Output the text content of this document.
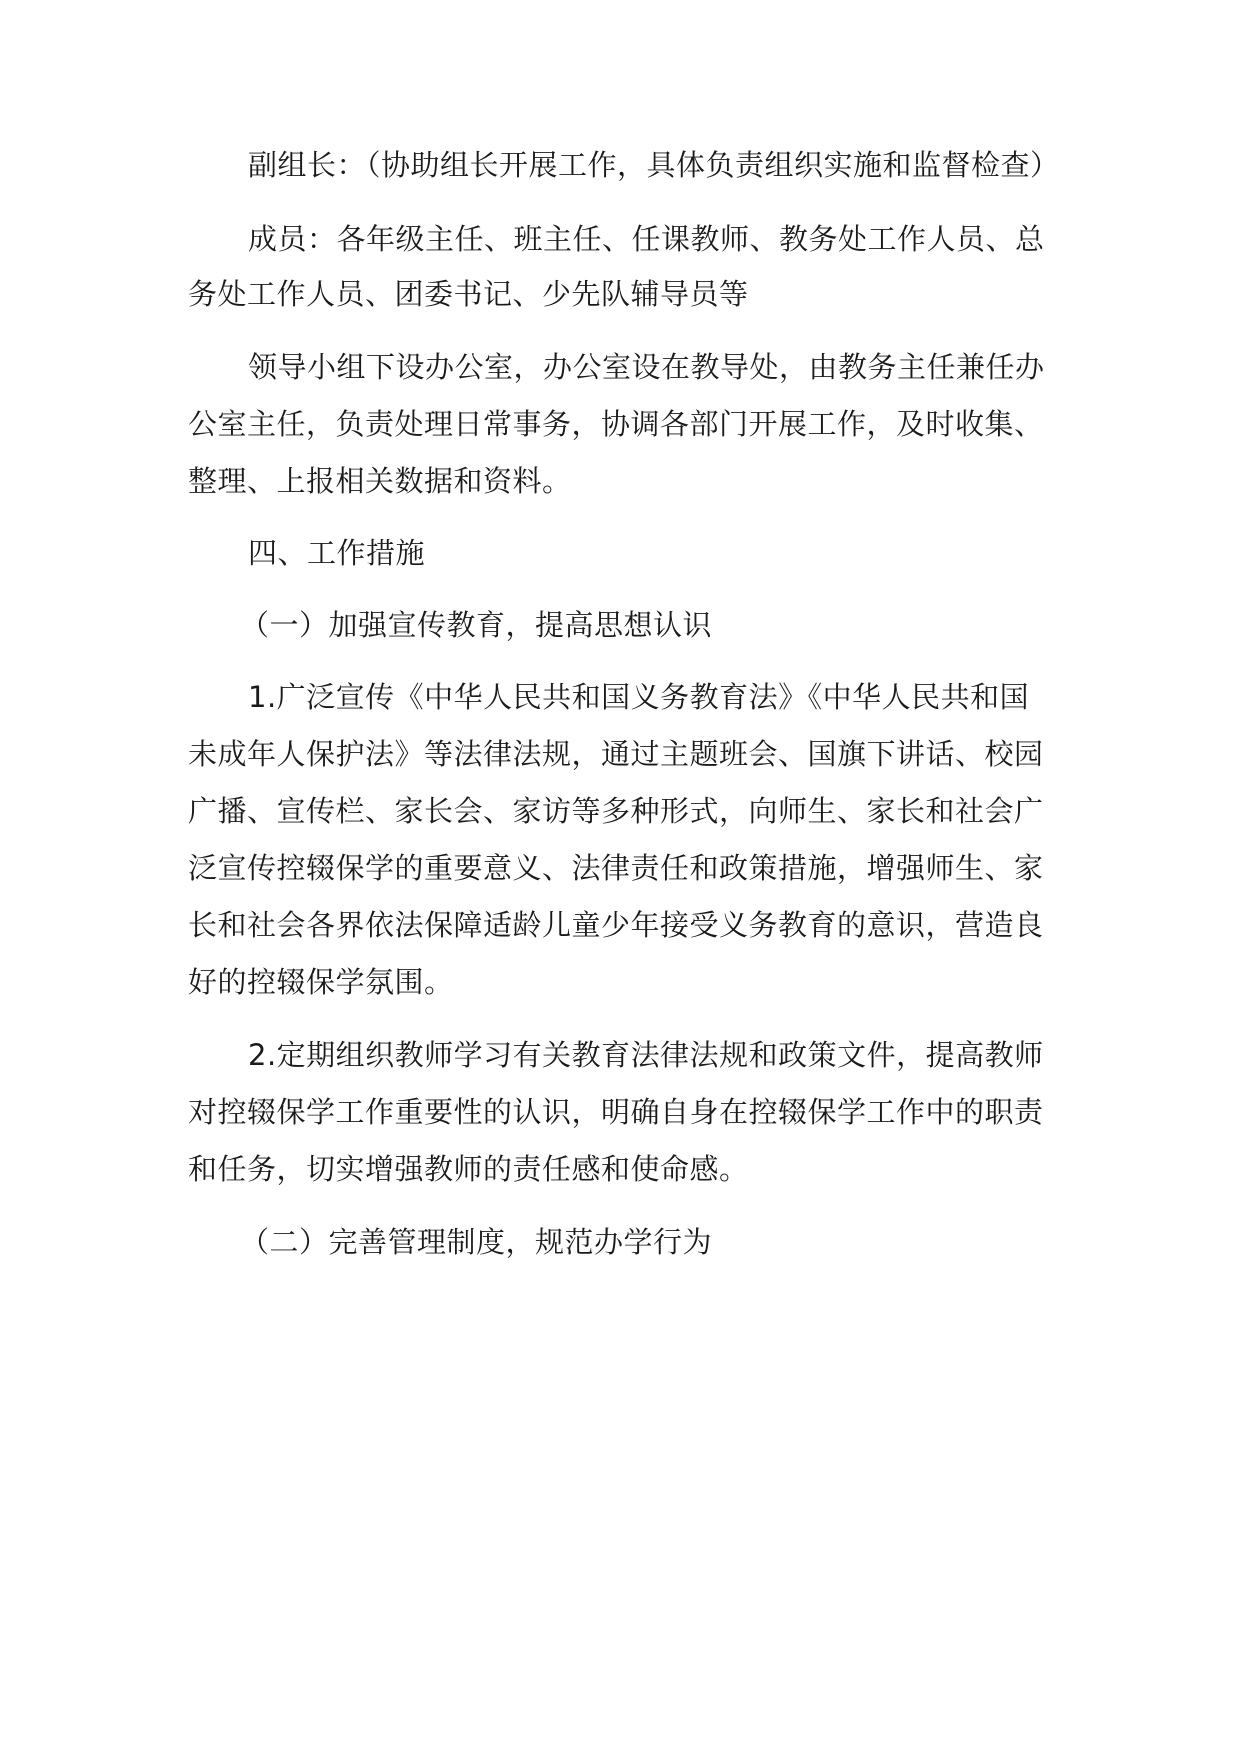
副组长：（协助组长开展工作，具体负责组织实施和监督检查）
成员：各年级主任、班主任、任课教师、教务处工作人员、总
务处工作人员、团委书记、少先队辅导员等
领导小组下设办公室，办公室设在教导处，由教务主任兼任办
公室主任，负责处理日常事务，协调各部门开展工作，及时收集、
整理、上报相关数据和资料。
四、工作措施
（一）加强宣传教育，提高思想认识
1.广泛宣传《中华人民共和国义务教育法》《中华人民共和国
未成年人保护法》等法律法规，通过主题班会、国旗下讲话、校园
广播、宣传栏、家长会、家访等多种形式，向师生、家长和社会广
泛宣传控辍保学的重要意义、法律责任和政策措施，增强师生、家
长和社会各界依法保障适龄儿童少年接受义务教育的意识，营造良
好的控辍保学氛围。
2.定期组织教师学习有关教育法律法规和政策文件，提高教师
对控辍保学工作重要性的认识，明确自身在控辍保学工作中的职责
和任务，切实增强教师的责任感和使命感。
（二）完善管理制度，规范办学行为
